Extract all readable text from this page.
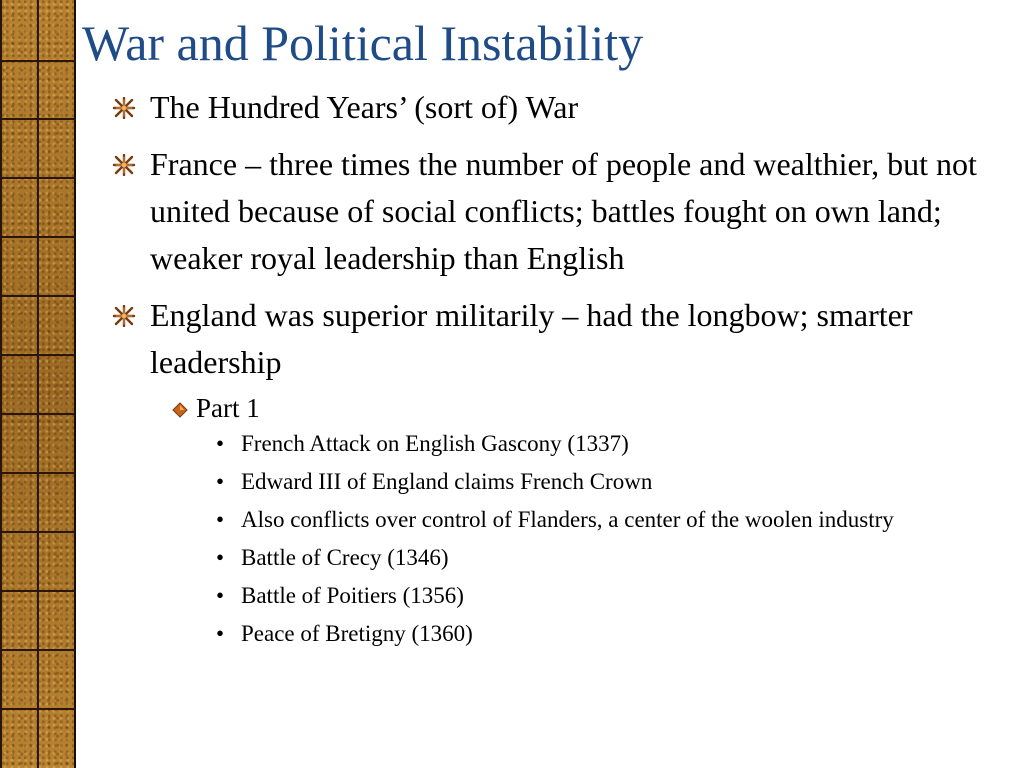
War and Political Instability
The Hundred Years’ (sort of) War
France – three times the number of people and wealthier, but not united because of social conflicts; battles fought on own land; weaker royal leadership than English
England was superior militarily – had the longbow; smarter leadership
Part 1
• French Attack on English Gascony (1337)
• Edward III of England claims French Crown
• Also conflicts over control of Flanders, a center of the woolen industry
• Battle of Crecy (1346)
• Battle of Poitiers (1356)
• Peace of Bretigny (1360)
